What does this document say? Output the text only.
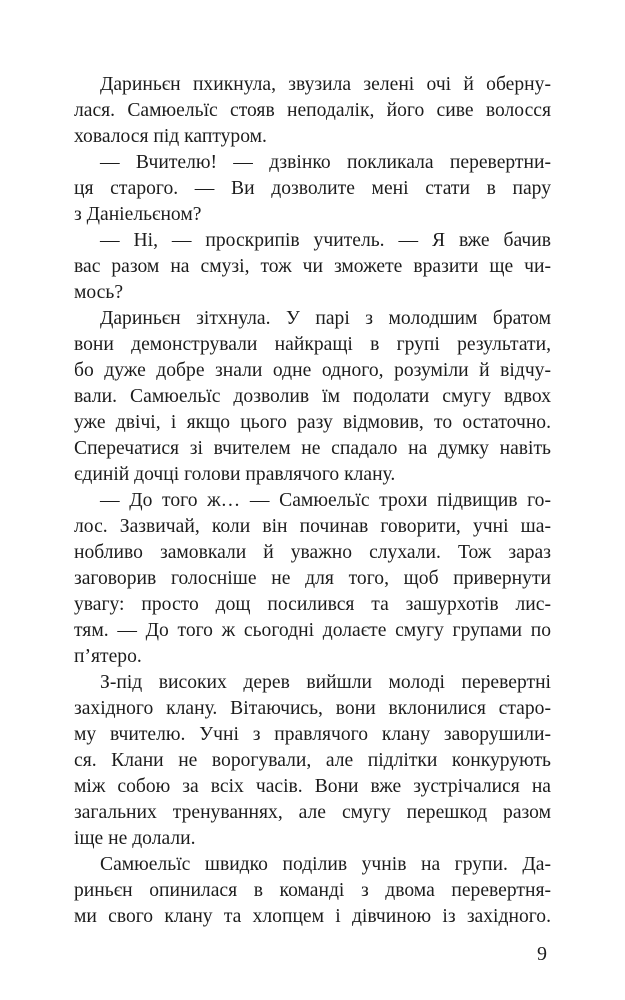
Дариньєн пхикнула, звузила зелені очі й оберну-
лася. Самюельїс стояв неподалік, його сиве волосся
ховалося під каптуром.
— Вчителю! — дзвінко покликала перевертни-
ця старого. — Ви дозволите мені стати в пару
з Даніельєном?
— Ні, — проскрипів учитель. — Я вже бачив
вас разом на смузі, тож чи зможете вразити ще чи-
мось?
Дариньєн зітхнула. У парі з молодшим братом
вони демонстрували найкращі в групі результати,
бо дуже добре знали одне одного, розуміли й відчу-
вали. Самюельїс дозволив їм подолати смугу вдвох
уже двічі, і якщо цього разу відмовив, то остаточно.
Сперечатися зі вчителем не спадало на думку навіть
єдиній дочці голови правлячого клану.
— До того ж… — Самюельїс трохи підвищив го-
лос. Зазвичай, коли він починав говорити, учні ша-
нобливо замовкали й уважно слухали. Тож зараз
заговорив голосніше не для того, щоб привернути
увагу: просто дощ посилився та зашурхотів лис-
тям. — До того ж сьогодні долаєте смугу групами по
п’ятеро.
З-під високих дерев вийшли молоді перевертні
західного клану. Вітаючись, вони вклонилися старо-
му вчителю. Учні з правлячого клану заворушили-
ся. Клани не ворогували, але підлітки конкурують
між собою за всіх часів. Вони вже зустрічалися на
загальних тренуваннях, але смугу перешкод разом
іще не долали.
Самюельїс швидко поділив учнів на групи. Да-
риньєн опинилася в команді з двома перевертня-
ми свого клану та хлопцем і дівчиною із західного.
9
